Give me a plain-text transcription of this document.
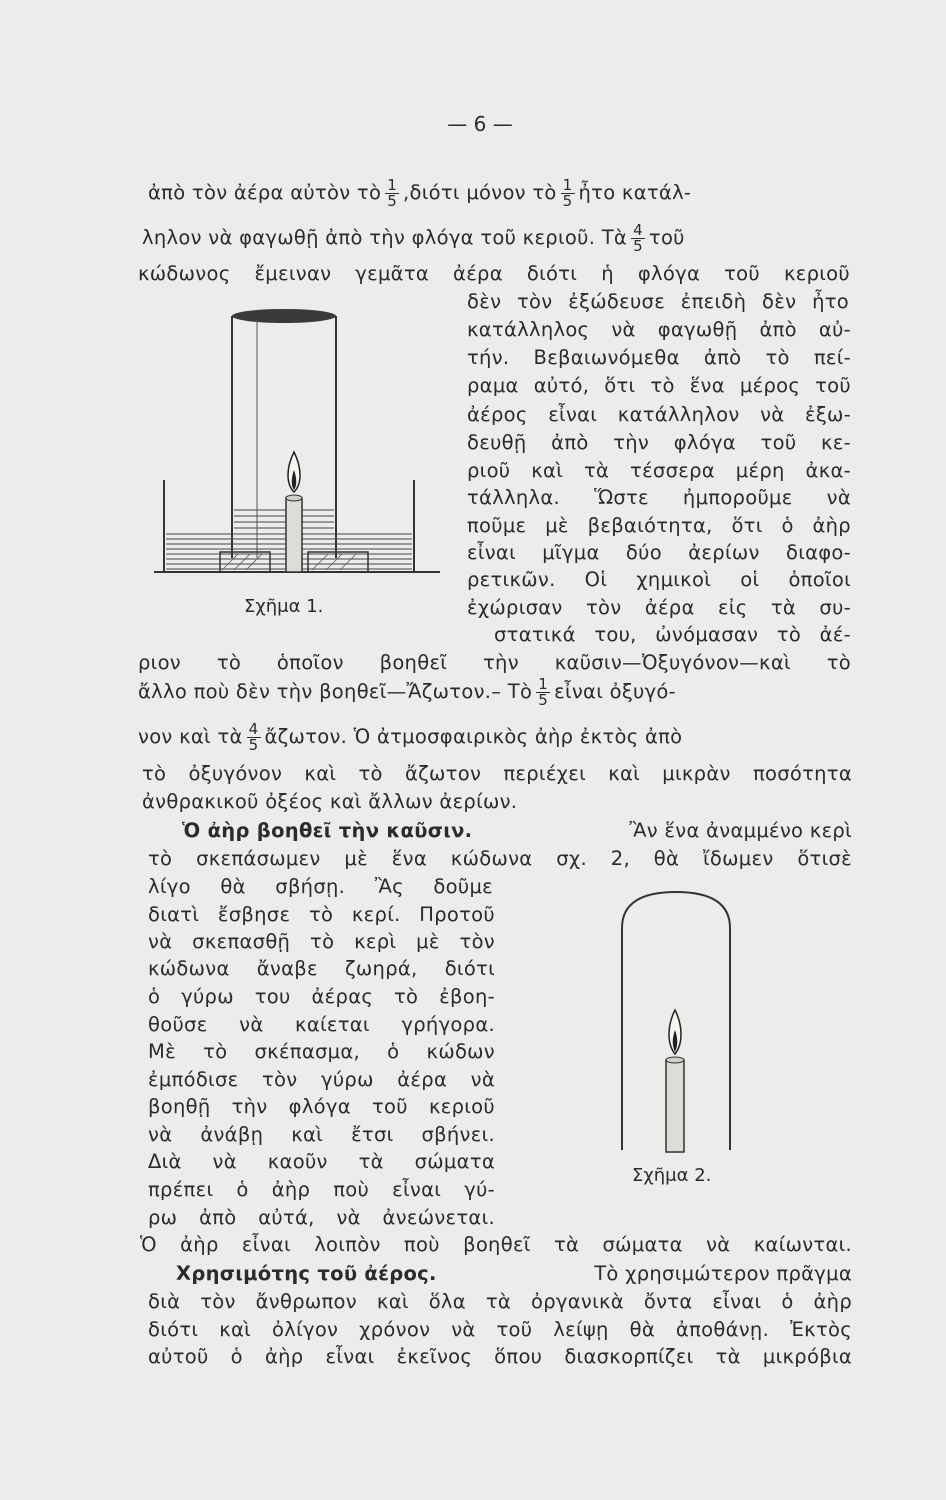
— 6 —
ἀπὸ τὸν ἀέρα αὐτὸν τὸ $\frac{1}{5} ,\delta\iota ό\tau\iota$ μόνον τὸ $\frac{1}{5}$ ἦτο κατάλ-
ληλον νὰ φαγωθῇ ἀπὸ τὴν φλόγα τοῦ κεριοῦ. Τὰ $\frac{4}{5}$ τοῦ
κώδωνος ἔμειναν γεμᾶτα ἀέρα διότι ἡ φλόγα τοῦ κεριοῦ
δὲν τὸν ἐξώδευσε ἐπειδὴ δὲν ἦτο
κατάλληλος νὰ φαγωθῇ ἀπὸ αὐ-
τήν. Βεβαιωνόμεθα ἀπὸ τὸ πεί-
ραμα αὐτό, ὅτι τὸ ἕνα μέρος τοῦ
ἀέρος εἶναι κατάλληλον νὰ ἐξω-
δευθῇ ἀπὸ τὴν φλόγα τοῦ κε-
ριοῦ καὶ τὰ τέσσερα μέρη ἀκα-
τάλληλα. Ὥστε ἠμποροῦμε νὰ
ποῦμε μὲ βεβαιότητα, ὅτι ὁ ἀὴρ
εἶναι μῖγμα δύο ἀερίων διαφο-
ρετικῶν. Οἱ χημικοὶ οἱ ὁποῖοι
ἐχώρισαν τὸν ἀέρα εἰς τὰ συ-
στατικά του, ὠνόμασαν τὸ ἀέ-
ριον τὸ ὁποῖον βοηθεῖ τὴν καῦσιν—Ὀξυγόνον—καὶ τὸ
ἄλλο ποὺ δὲν τὴν βοηθεῖ—Ἄζωτον.– Τὸ $\frac{1}{5}$ εἶναι ὀξυγό-
νον καὶ τὰ $\frac{4}{5}$ ἄζωτον. Ὁ ἀτμοσφαιρικὸς ἀὴρ ἐκτὸς ἀπὸ
τὸ ὀξυγόνον καὶ τὸ ἄζωτον περιέχει καὶ μικρὰν ποσότητα
ἀνθρακικοῦ ὀξέος καὶ ἄλλων ἀερίων.
Ὁ ἀὴρ βοηθεῖ τὴν καῦσιν.	Ἂν ἕνα ἀναμμένο κερὶ
τὸ σκεπάσωμεν μὲ ἕνα κώδωνα σχ. 2, θὰ ἴδωμεν ὅτισὲ
λίγο θὰ σβήσῃ. Ἂς δοῦμε
διατὶ ἔσβησε τὸ κερί. Προτοῦ
νὰ σκεπασθῇ τὸ κερὶ μὲ τὸν
κώδωνα ἄναβε ζωηρά, διότι
ὁ γύρω του ἀέρας τὸ ἐβοη-
θοῦσε νὰ καίεται γρήγορα.
Μὲ τὸ σκέπασμα, ὁ κώδων
ἐμπόδισε τὸν γύρω ἀέρα νὰ
βοηθῇ τὴν φλόγα τοῦ κεριοῦ
νὰ ἀνάβῃ καὶ ἔτσι σβήνει.
Διὰ νὰ καοῦν τὰ σώματα
πρέπει ὁ ἀὴρ ποὺ εἶναι γύ-
ρω ἀπὸ αὐτά, νὰ ἀνεώνεται.
Ὁ ἀὴρ εἶναι λοιπὸν ποὺ βοηθεῖ τὰ σώματα νὰ καίωνται.
Χρησιμότης τοῦ ἀέρος.	Τὸ χρησιμώτερον πρᾶγμα
διὰ τὸν ἄνθρωπον καὶ ὅλα τὰ ὀργανικὰ ὄντα εἶναι ὁ ἀὴρ
διότι καὶ ὀλίγον χρόνον νὰ τοῦ λείψῃ θὰ ἀποθάνῃ. Ἐκτὸς
αὐτοῦ ὁ ἀὴρ εἶναι ἐκεῖνος ὅπου διασκορπίζει τὰ μικρόβια
Σχῆμα 1.
Σχῆμα 2.
